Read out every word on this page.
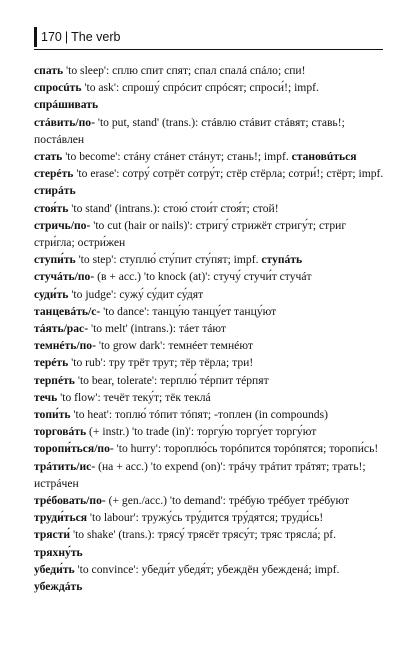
170 | The verb

спать 'to sleep': сплю спит спят; спал спалá спáло; спи!

спросúть 'to ask': спрошу́ спрóсит спрóсят; спроси́!; impf. спрáшивать

стáвить/по- 'to put, stand' (trans.): стáвлю стáвит стáвят; ставь!; постáвлен

стать 'to become': стáну стáнет стáнут; стань!; impf. становúться

стерéть 'to erase': сотру́ сотрёт сотру́т; стёр стёрла; сотри́!; стёрт; impf. стирáть

стоя́ть 'to stand' (intrans.): стою́ стои́т стоя́т; стой!

стричь/по- 'to cut (hair or nails)': стригу́ стрижёт стригу́т; стриг стри́гла; остри́жен

ступи́ть 'to step': ступлю́ сту́пит сту́пят; impf. ступáть

стучáть/по- (в + acc.) 'to knock (at)': стучу́ стучи́т стучáт

суди́ть 'to judge': сужу́ су́дит су́дят

танцевáть/с- 'to dance': танцу́ю танцу́ет танцу́ют

тáять/рас- 'to melt' (intrans.): тáет тáют

темнéть/по- 'to grow dark': темнéет темнéют

терéть 'to rub': тру трёт трут; тёр тёрла; три!

терпéть 'to bear, tolerate': терплю́ тéрпит тéрпят

течь 'to flow': течёт теку́т; тёк теклá

топи́ть 'to heat': топлю́ тóпит тóпят; -топлен (in compounds)

торговáть (+ instr.) 'to trade (in)': торгу́ю торгу́ет торгу́ют

торопи́ться/по- 'to hurry': тороплю́сь торóпится торóпятся; торопи́сь!

трáтить/ис- (на + acc.) 'to expend (on)': трáчу трáтит трáтят; трать!; истрáчен

трéбовать/по- (+ gen./acc.) 'to demand': трéбую трéбует трéбуют

труди́ться 'to labour': тружу́сь тру́дится тру́дятся; труди́сь!

трясти́ 'to shake' (trans.): трясу́ трясёт трясу́т; тряс трясла́; pf. тряхну́ть

убеди́ть 'to convince': убеди́т убедя́т; убеждён убежденá; impf. убеждáть
